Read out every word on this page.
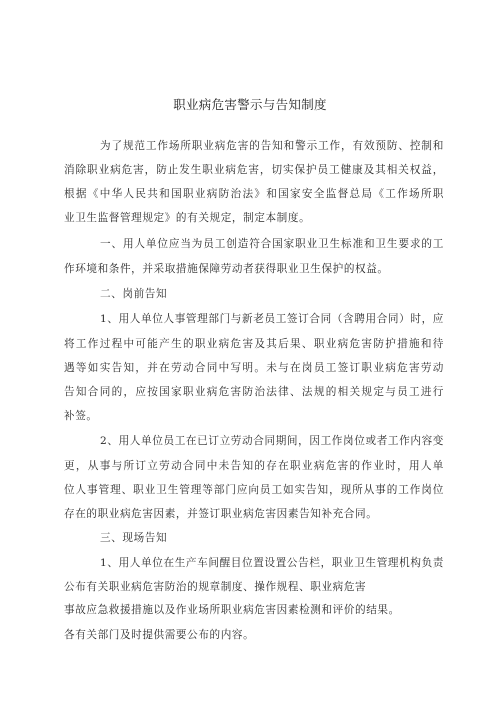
职业病危害警示与告知制度
为了规范工作场所职业病危害的告知和警示工作，有效预防、控制和
消除职业病危害，防止发生职业病危害，切实保护员工健康及其相关权益，
根据《中华人民共和国职业病防治法》和国家安全监督总局《工作场所职
业卫生监督管理规定》的有关规定，制定本制度。
一、用人单位应当为员工创造符合国家职业卫生标准和卫生要求的工
作环境和条件，并采取措施保障劳动者获得职业卫生保护的权益。
二、岗前告知
1、用人单位人事管理部门与新老员工签订合同（含聘用合同）时，应
将工作过程中可能产生的职业病危害及其后果、职业病危害防护措施和待
遇等如实告知，并在劳动合同中写明。未与在岗员工签订职业病危害劳动
告知合同的，应按国家职业病危害防治法律、法规的相关规定与员工进行
补签。
2、用人单位员工在已订立劳动合同期间，因工作岗位或者工作内容变
更，从事与所订立劳动合同中未告知的存在职业病危害的作业时，用人单
位人事管理、职业卫生管理等部门应向员工如实告知，现所从事的工作岗位
存在的职业病危害因素，并签订职业病危害因素告知补充合同。
三、现场告知
1、用人单位在生产车间醒目位置设置公告栏，职业卫生管理机构负责
公布有关职业病危害防治的规章制度、操作规程、职业病危害
事故应急救援措施以及作业场所职业病危害因素检测和评价的结果。
各有关部门及时提供需要公布的内容。
